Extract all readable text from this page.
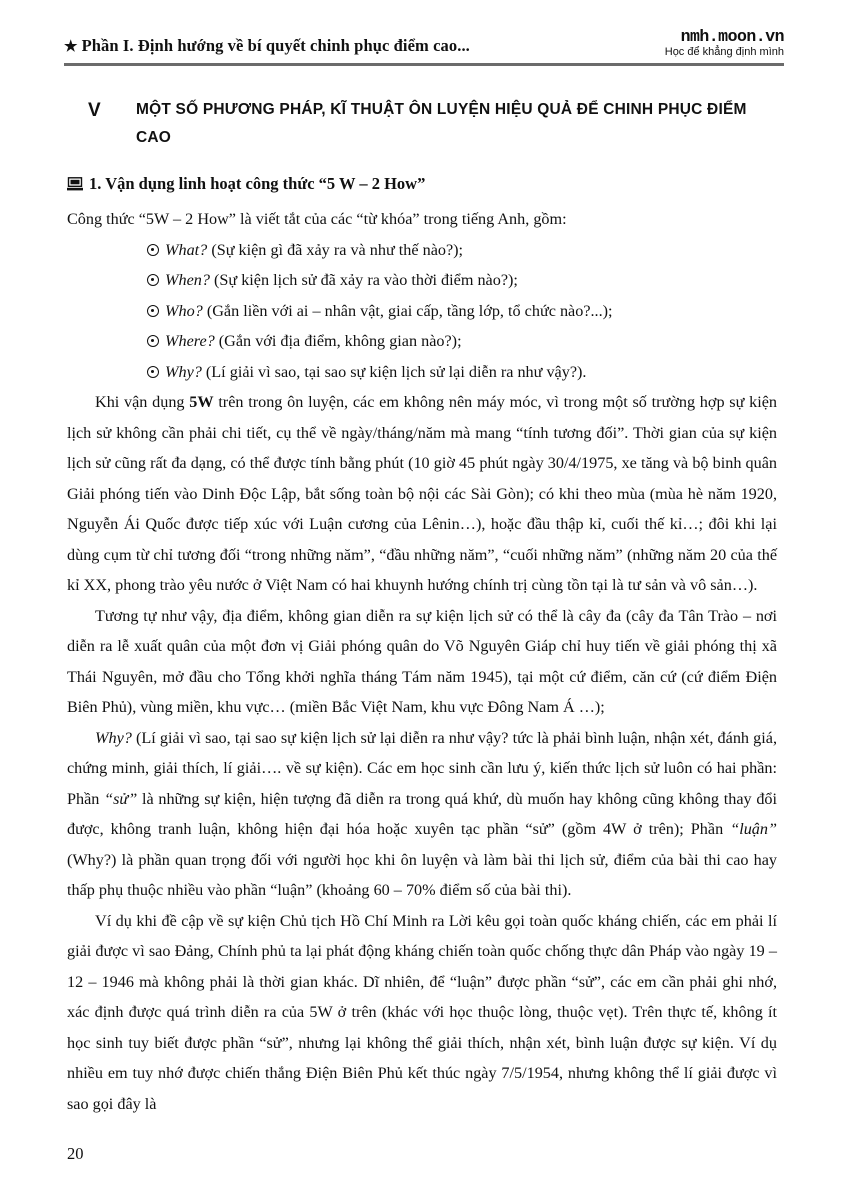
★ Phần I. Định hướng về bí quyết chinh phục điểm cao...	nmh.moon.vn
Học để khẳng định mình
V MỘT SỐ PHƯƠNG PHÁP, KĨ THUẬT ÔN LUYỆN HIỆU QUẢ ĐỂ CHINH PHỤC ĐIỂM CAO
1. Vận dụng linh hoạt công thức “5 W – 2 How”

Công thức “5W – 2 How” là viết tắt của các “từ khóa” trong tiếng Anh, gồm:

What? (Sự kiện gì đã xảy ra và như thế nào?);
When? (Sự kiện lịch sử đã xảy ra vào thời điểm nào?);
Who? (Gắn liền với ai – nhân vật, giai cấp, tầng lớp, tổ chức nào?...);
Where? (Gắn với địa điểm, không gian nào?);
Why? (Lí giải vì sao, tại sao sự kiện lịch sử lại diễn ra như vậy?).

Khi vận dụng 5W trên trong ôn luyện, các em không nên máy móc, vì trong một số trường hợp sự kiện lịch sử không cần phải chi tiết, cụ thể về ngày/tháng/năm mà mang “tính tương đối”. Thời gian của sự kiện lịch sử cũng rất đa dạng, có thể được tính bằng phút (10 giờ 45 phút ngày 30/4/1975, xe tăng và bộ binh quân Giải phóng tiến vào Dinh Độc Lập, bắt sống toàn bộ nội các Sài Gòn); có khi theo mùa (mùa hè năm 1920, Nguyễn Ái Quốc được tiếp xúc với Luận cương của Lênin…), hoặc đầu thập kỉ, cuối thế kỉ…; đôi khi lại dùng cụm từ chỉ tương đối “trong những năm”, “đầu những năm”, “cuối những năm” (những năm 20 của thế kỉ XX, phong trào yêu nước ở Việt Nam có hai khuynh hướng chính trị cùng tồn tại là tư sản và vô sản…).

Tương tự như vậy, địa điểm, không gian diễn ra sự kiện lịch sử có thể là cây đa (cây đa Tân Trào – nơi diễn ra lễ xuất quân của một đơn vị Giải phóng quân do Võ Nguyên Giáp chỉ huy tiến về giải phóng thị xã Thái Nguyên, mở đầu cho Tổng khởi nghĩa tháng Tám năm 1945), tại một cứ điểm, căn cứ (cứ điểm Điện Biên Phủ), vùng miền, khu vực… (miền Bắc Việt Nam, khu vực Đông Nam Á …);

Why? (Lí giải vì sao, tại sao sự kiện lịch sử lại diễn ra như vậy? tức là phải bình luận, nhận xét, đánh giá, chứng minh, giải thích, lí giải…. về sự kiện). Các em học sinh cần lưu ý, kiến thức lịch sử luôn có hai phần: Phần “sử” là những sự kiện, hiện tượng đã diễn ra trong quá khứ, dù muốn hay không cũng không thay đổi được, không tranh luận, không hiện đại hóa hoặc xuyên tạc phần “sử” (gồm 4W ở trên); Phần “luận” (Why?) là phần quan trọng đối với người học khi ôn luyện và làm bài thi lịch sử, điểm của bài thi cao hay thấp phụ thuộc nhiều vào phần “luận” (khoảng 60 – 70% điểm số của bài thi).

Ví dụ khi đề cập về sự kiện Chủ tịch Hồ Chí Minh ra Lời kêu gọi toàn quốc kháng chiến, các em phải lí giải được vì sao Đảng, Chính phủ ta lại phát động kháng chiến toàn quốc chống thực dân Pháp vào ngày 19 – 12 – 1946 mà không phải là thời gian khác. Dĩ nhiên, để “luận” được phần “sử”, các em cần phải ghi nhớ, xác định được quá trình diễn ra của 5W ở trên (khác với học thuộc lòng, thuộc vẹt). Trên thực tế, không ít học sinh tuy biết được phần “sử”, nhưng lại không thể giải thích, nhận xét, bình luận được sự kiện. Ví dụ nhiều em tuy nhớ được chiến thắng Điện Biên Phủ kết thúc ngày 7/5/1954, nhưng không thể lí giải được vì sao gọi đây là

20
